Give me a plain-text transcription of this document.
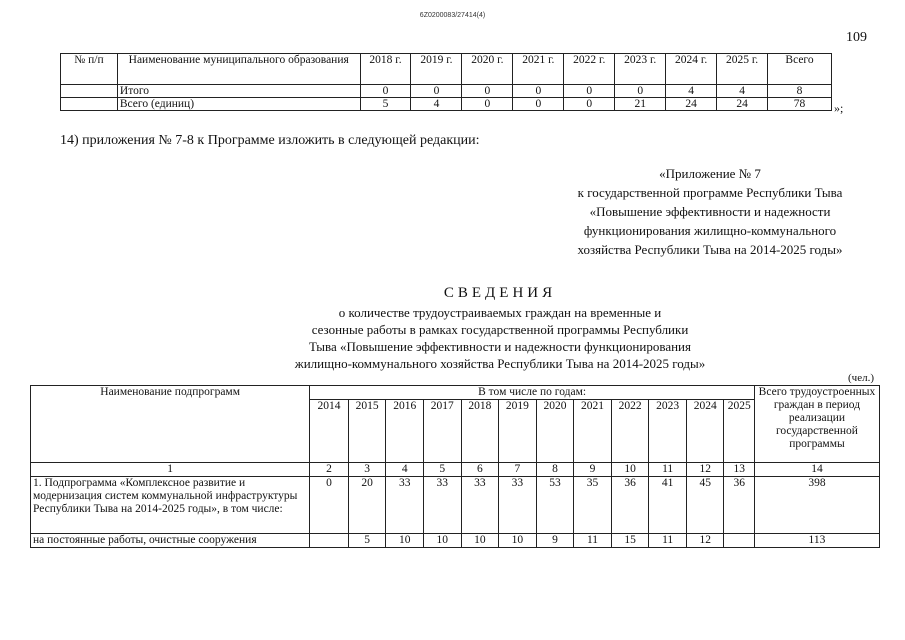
6Z0200083/27414(4)
109
№ п/п	Наименование муниципального образования	2018 г.	2019 г.	2020 г.	2021 г.	2022 г.	2023 г.	2024 г.	2025 г.	Всего
	Итого	0	0	0	0	0	0	4	4	8
	Всего (единиц)	5	4	0	0	0	21	24	24	78 »;
14) приложения № 7-8 к Программе изложить в следующей редакции:
«Приложение № 7
к государственной программе Республики Тыва
«Повышение эффективности и надежности
функционирования жилищно-коммунального
хозяйства Республики Тыва на 2014-2025 годы»
СВЕДЕНИЯ
о количестве трудоустраиваемых граждан на временные и
сезонные работы в рамках государственной программы Республики
Тыва «Повышение эффективности и надежности функционирования
жилищно-коммунального хозяйства Республики Тыва на 2014-2025 годы»
(чел.)
Наименование подпрограмм	В том числе по годам:												Всего трудоустроенных граждан в период реализации государственной программы
	2014	2015	2016	2017	2018	2019	2020	2021	2022	2023	2024	2025	
1	2	3	4	5	6	7	8	9	10	11	12	13	14
1. Подпрограмма «Комплексное развитие и модернизация систем коммунальной инфраструктуры Республики Тыва на 2014-2025 годы», в том числе:	0	20	33	33	33	33	53	35	36	41	45	36	398
на постоянные работы, очистные сооружения		5	10	10	10	10	9	11	15	11	12		113
